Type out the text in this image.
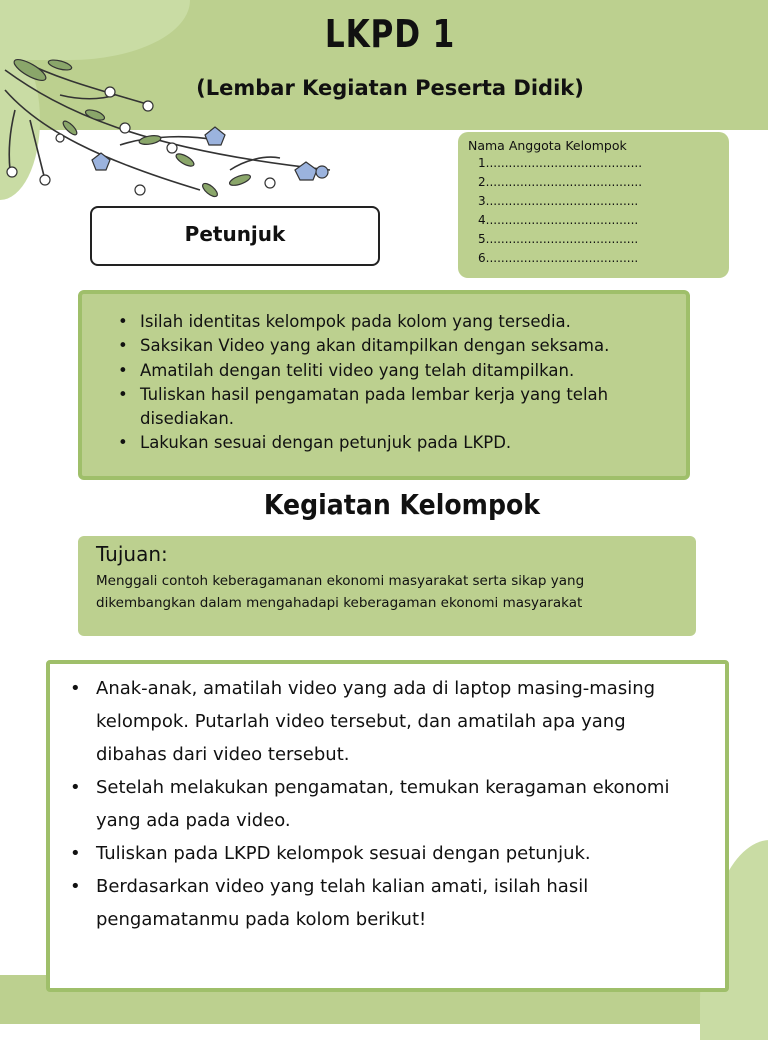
LKPD 1
(Lembar Kegiatan Peserta Didik)
Nama Anggota Kelompok
1.........................................
2.........................................
3........................................
4........................................
5........................................
6........................................
Petunjuk
• Isilah identitas kelompok pada kolom yang tersedia.
• Saksikan Video yang akan ditampilkan dengan seksama.
• Amatilah dengan teliti video yang telah ditampilkan.
• Tuliskan hasil pengamatan pada lembar kerja yang telah disediakan.
• Lakukan sesuai dengan petunjuk pada LKPD.
Kegiatan Kelompok
Tujuan:
Menggali contoh keberagamanan ekonomi masyarakat serta sikap yang dikembangkan dalam mengahadapi keberagaman ekonomi masyarakat
• Anak-anak, amatilah video yang ada di laptop masing-masing kelompok. Putarlah video tersebut, dan amatilah apa yang dibahas dari video tersebut.
• Setelah melakukan pengamatan, temukan keragaman ekonomi yang ada pada video.
• Tuliskan pada LKPD kelompok sesuai dengan petunjuk.
• Berdasarkan video yang telah kalian amati, isilah hasil pengamatanmu pada kolom berikut!
